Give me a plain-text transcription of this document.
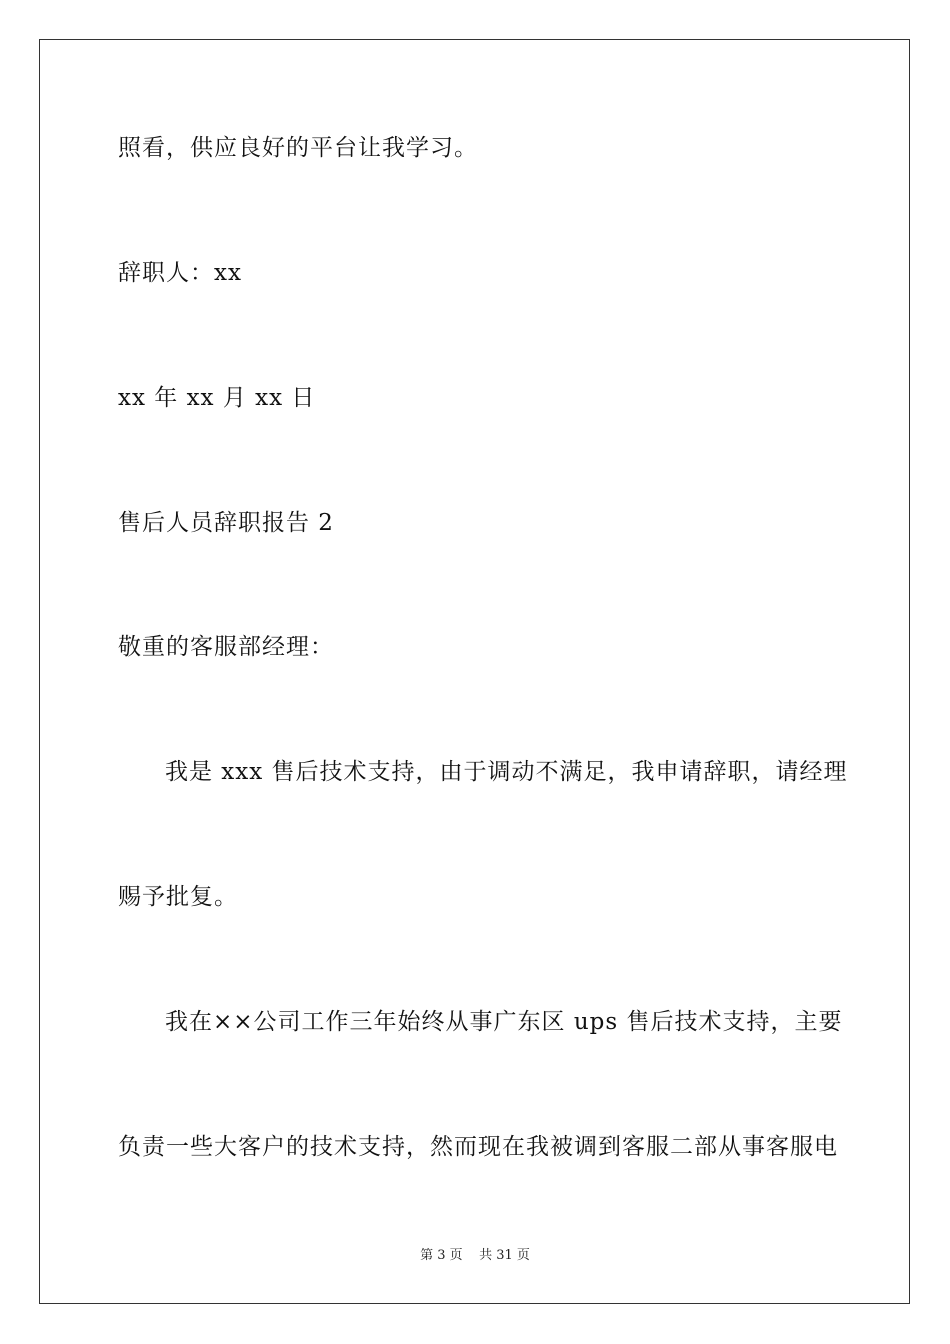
照看，供应良好的平台让我学习。
辞职人：xx
xx 年 xx 月 xx 日
售后人员辞职报告 2
敬重的客服部经理：
我是 xxx 售后技术支持，由于调动不满足，我申请辞职，请经理
赐予批复。
我在××公司工作三年始终从事广东区 ups 售后技术支持，主要
负责一些大客户的技术支持，然而现在我被调到客服二部从事客服电
第 3 页    共 31 页
